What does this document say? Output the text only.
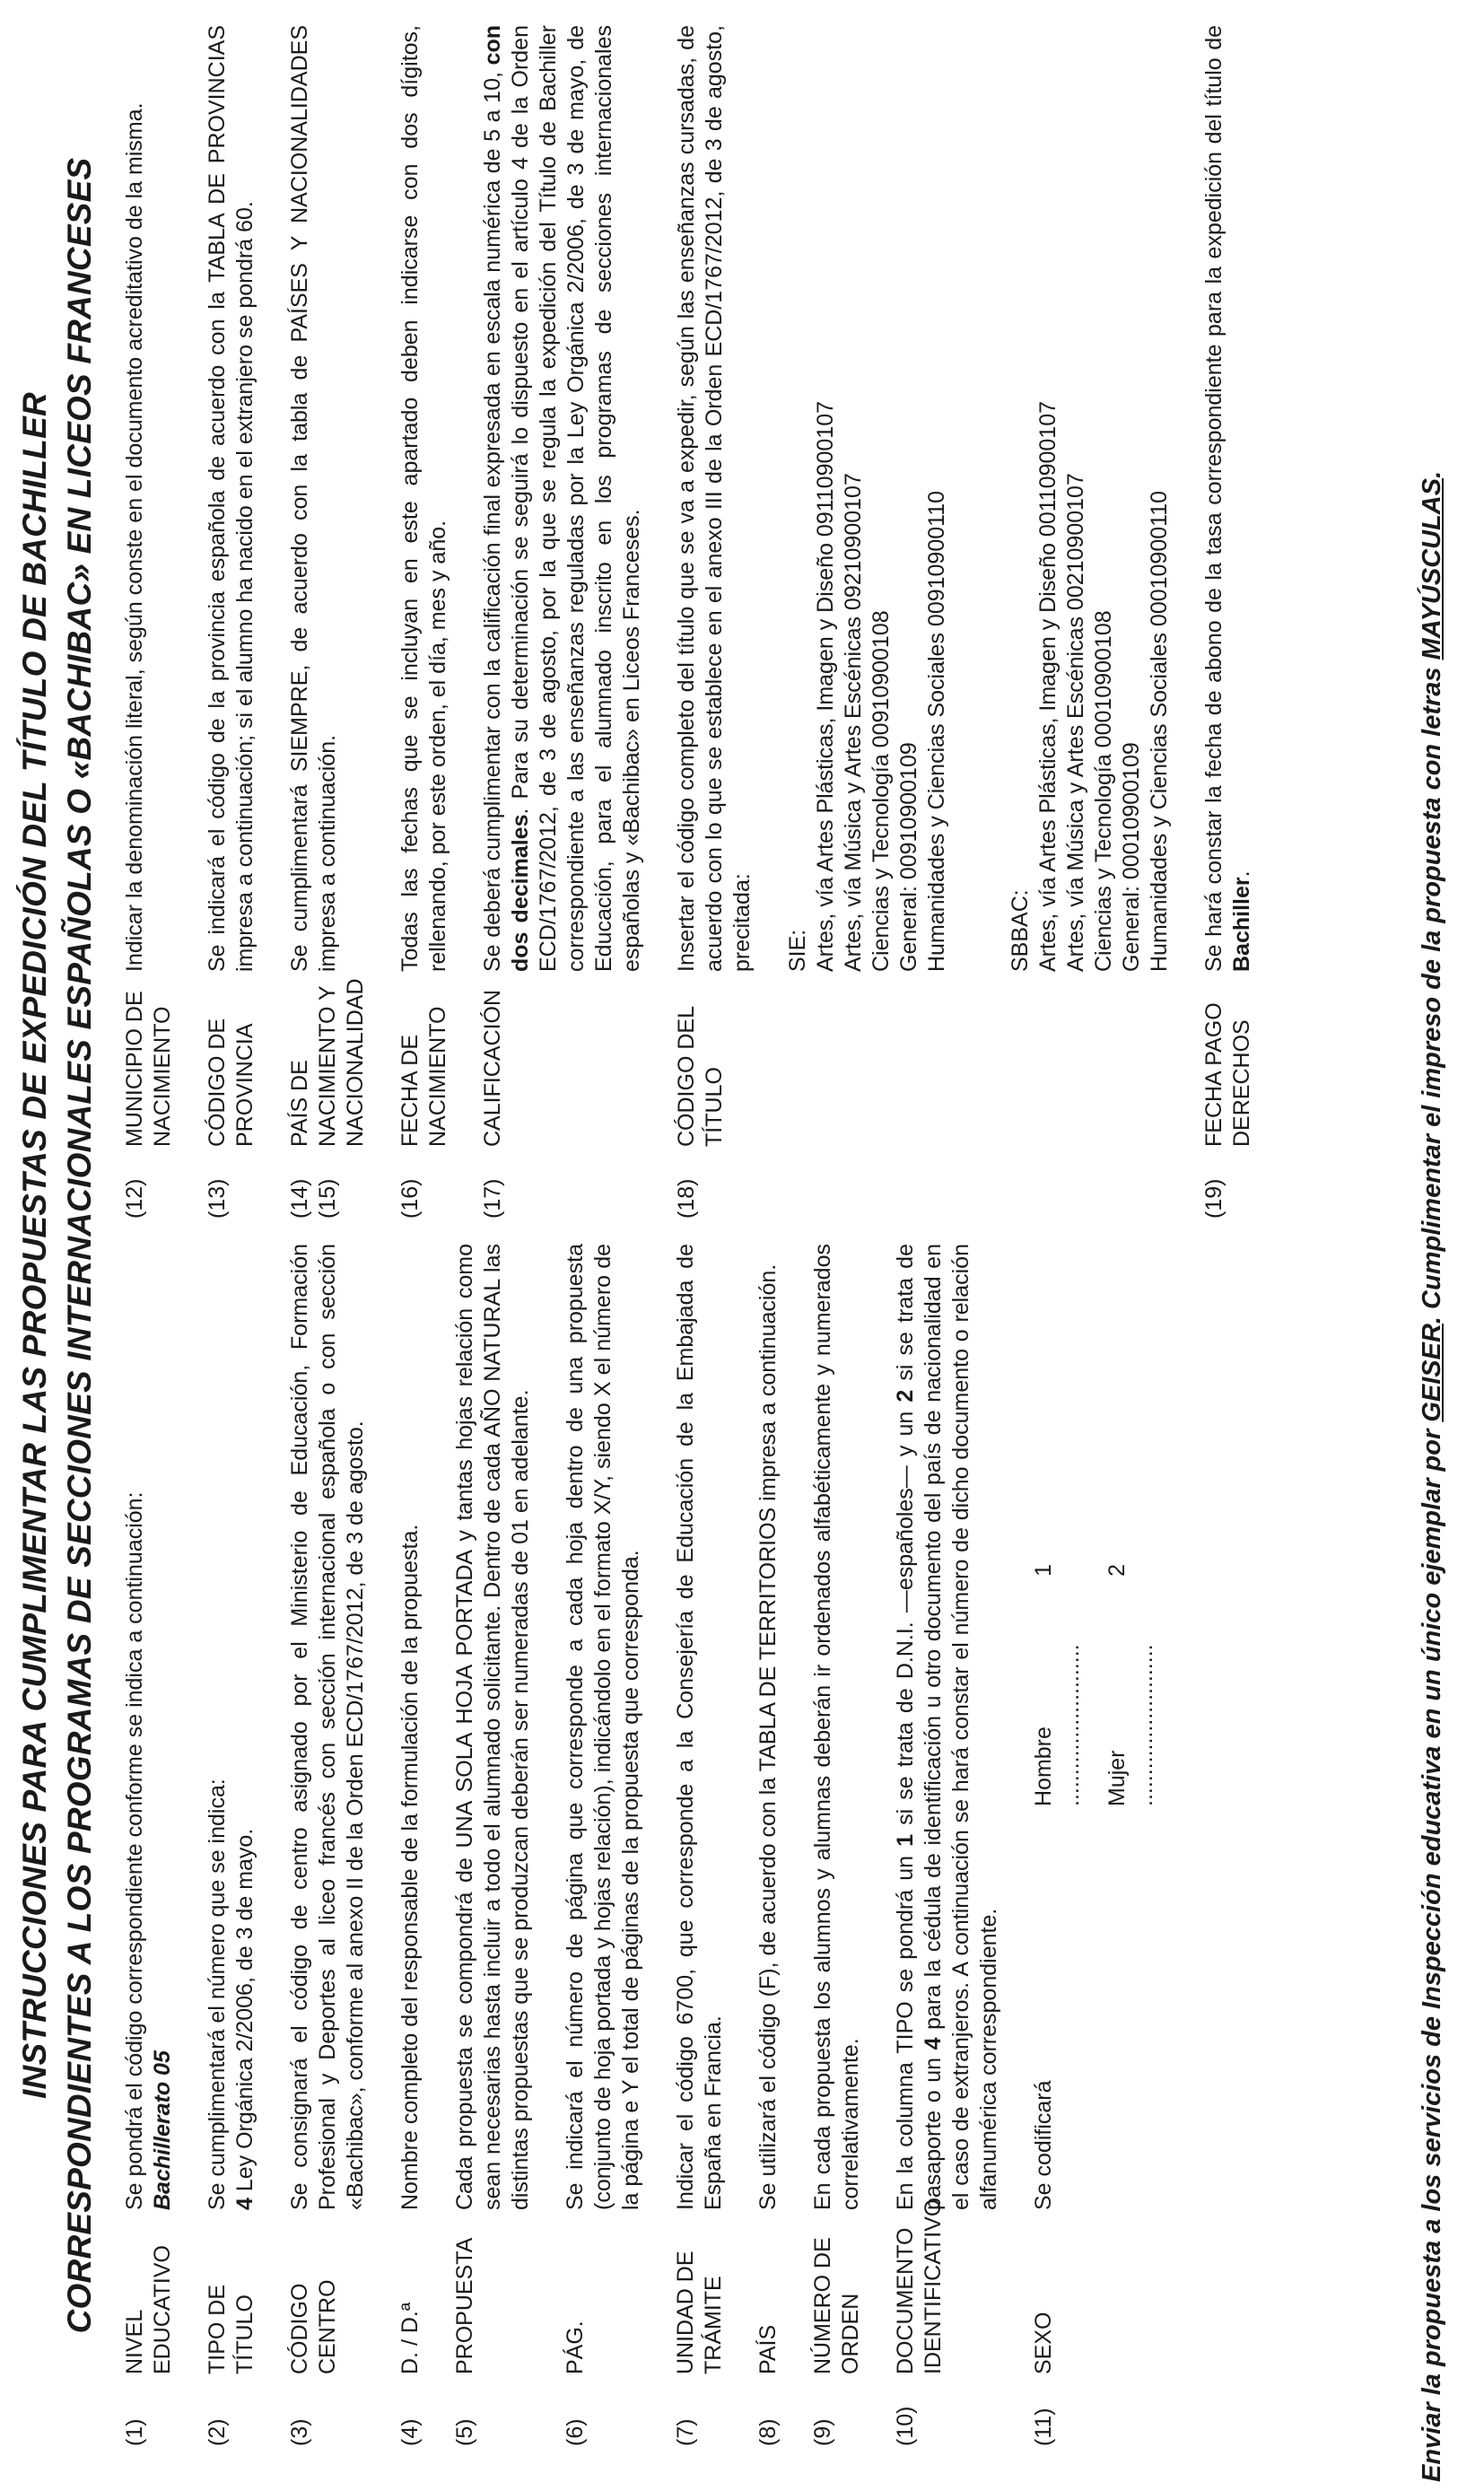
INSTRUCCIONES PARA CUMPLIMENTAR LAS PROPUESTAS DE EXPEDICIÓN DEL TÍTULO DE BACHILLER CORRESPONDIENTES A LOS PROGRAMAS DE SECCIONES INTERNACIONALES ESPAÑOLAS O «BACHIBAC» EN LICEOS FRANCESES
(1)
NIVEL EDUCATIVO

Se pondrá el código correspondiente conforme se indica a continuación: Bachillerato 05

(2)
TIPO DE TÍTULO

Se cumplimentará el número que se indica: 4 Ley Orgánica 2/2006, de 3 de mayo.

(3)
CÓDIGO CENTRO
Se consignará el código de centro asignado por el Ministerio de Educación, Formación Profesional y Deportes al liceo francés con sección internacional española o con sección «Bachibac», conforme al anexo II de la Orden ECD/1767/2012, de 3 de agosto.
(4)
D. / D.ª
Nombre completo del responsable de la formulación de la propuesta.
(5)
PROPUESTA
Cada propuesta se compondrá de UNA SOLA HOJA PORTADA y tantas hojas relación como sean necesarias hasta incluir a todo el alumnado solicitante. Dentro de cada AÑO NATURAL las distintas propuestas que se produzcan deberán ser numeradas de 01 en adelante.
(6)
PÁG.
Se indicará el número de página que corresponde a cada hoja dentro de una propuesta (conjunto de hoja portada y hojas relación), indicándolo en el formato X/Y, siendo X el número de la página e Y el total de páginas de la propuesta que corresponda.
(7)
UNIDAD DE TRÁMITE
Indicar el código 6700, que corresponde a la Consejería de Educación de la Embajada de España en Francia.
(8)
PAÍS
Se utilizará el código (F), de acuerdo con la TABLA DE TERRITORIOS impresa a continuación.
(9)
NÚMERO DE ORDEN
En cada propuesta los alumnos y alumnas deberán ir ordenados alfabéticamente y numerados correlativamente.
(10)
DOCUMENTO IDENTIFICATIVO
En la columna TIPO se pondrá un 1 si se trata de D.N.I. —españoles— y un 2 si se trata de pasaporte o un 4 para la cédula de identificación u otro documento del país de nacionalidad en el caso de extranjeros. A continuación se hará constar el número de dicho documento o relación alfanumérica correspondiente.
(11)
SEXO
Se codificará
Hombre ..........................
1
Mujer ..........................
2
(12)
MUNICIPIO DE NACIMIENTO
Indicar la denominación literal, según conste en el documento acreditativo de la misma.
(13)
CÓDIGO DE PROVINCIA
Se indicará el código de la provincia española de acuerdo con la TABLA DE PROVINCIAS impresa a continuación; si el alumno ha nacido en el extranjero se pondrá 60.
(14) (15)
PAÍS DE NACIMIENTO Y NACIONALIDAD
Se cumplimentará SIEMPRE, de acuerdo con la tabla de PAÍSES Y NACIONALIDADES impresa a continuación.
(16)
FECHA DE NACIMIENTO
Todas las fechas que se incluyan en este apartado deben indicarse con dos dígitos, rellenando, por este orden, el día, mes y año.
(17)
CALIFICACIÓN
Se deberá cumplimentar con la calificación final expresada en escala numérica de 5 a 10, con dos decimales. Para su determinación se seguirá lo dispuesto en el artículo 4 de la Orden ECD/1767/2012, de 3 de agosto, por la que se regula la expedición del Título de Bachiller correspondiente a las enseñanzas reguladas por la Ley Orgánica 2/2006, de 3 de mayo, de Educación, para el alumnado inscrito en los programas de secciones internacionales españolas y «Bachibac» en Liceos Franceses.
(18)
CÓDIGO DEL TÍTULO

Insertar el código completo del título que se va a expedir, según las enseñanzas cursadas, de acuerdo con lo que se establece en el anexo III de la Orden ECD/1767/2012, de 3 de agosto, precitada: SIE: Artes, vía Artes Plásticas, Imagen y Diseño 09110900107 Artes, vía Música y Artes Escénicas 09210900107 Ciencias y Tecnología 00910900108 General: 0091090010​9 Humanidades y Ciencias Sociales 00910900110	SBBAC: Artes, vía Artes Plásticas, Imagen y Diseño 00110900107 Artes, vía Música y Artes Escénicas 00210900107 Ciencias y Tecnología 00010900108 General: 00010900109 Humanidades y Ciencias Sociales 00010900110

(19)
FECHA PAGO DERECHOS
Se hará constar la fecha de abono de la tasa correspondiente para la expedición del título de Bachiller.
Enviar la propuesta a los servicios de Inspección educativa en un único ejemplar por GEISER. Cumplimentar el impreso de la propuesta con letras MAYÚSCULAS.
